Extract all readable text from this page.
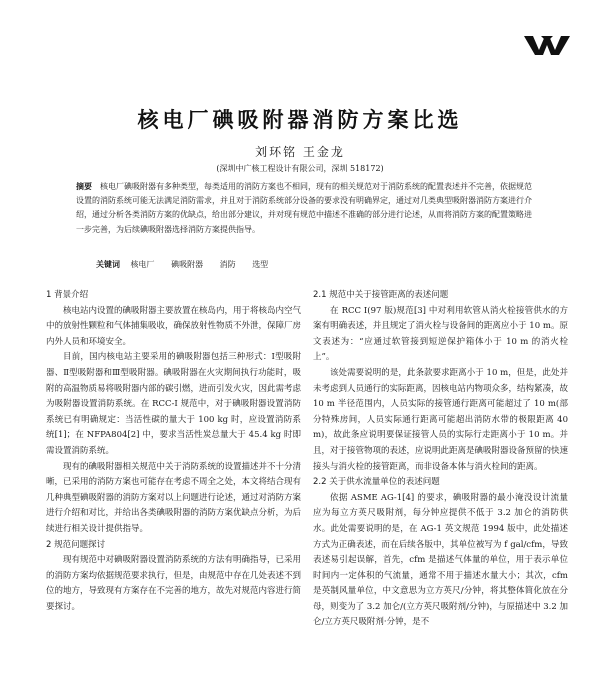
核电厂碘吸附器消防方案比选
刘环铭 王金龙
(深圳中广核工程设计有限公司，深圳 518172)
摘要 核电厂碘吸附器有多种类型，每类适用的消防方案也不相同，现有的相关规范对于消防系统的配置表述并不完善，依据规范设置的消防系统可能无法满足消防需求，并且对于消防系统部分设备的要求没有明确界定，通过对几类典型吸附器消防方案进行介绍，通过分析各类消防方案的优缺点，给出部分建议，并对现有规范中描述不准确的部分进行论述，从而将消防方案的配置策略进一步完善，为后续碘吸附器选择消防方案提供指导。
关键词 核电厂 碘吸附器 消防 选型

1 背景介绍

核电站内设置的碘吸附器主要放置在核岛内，用于将核岛内空气中的放射性颗粒和气体捕集吸收，确保放射性物质不外泄，保障厂房内外人员和环境安全。

目前，国内核电站主要采用的碘吸附器包括三种形式：Ⅰ型吸附器、Ⅱ型吸附器和Ⅲ型吸附器。碘吸附器在火灾期间执行功能时，吸附的高温物质易将吸附器内部的碳引燃，进而引发火灾，因此需考虑为吸附器设置消防系统。在 RCC-I 规范中，对于碘吸附器设置消防系统已有明确规定：当活性碳的量大于 100 kg 时，应设置消防系统[1]；在 NFPA804[2] 中，要求当活性炭总量大于 45.4 kg 时即需设置消防系统。

现有的碘吸附器相关规范中关于消防系统的设置描述并不十分清晰，已采用的消防方案也可能存在考虑不周全之处，本文将结合现有几种典型碘吸附器的消防方案对以上问题进行论述，通过对消防方案进行介绍和对比，并给出各类碘吸附器的消防方案优缺点分析，为后续进行相关设计提供指导。

2 规范问题探讨

现有规范中对碘吸附器设置消防系统的方法有明确指导，已采用的消防方案均依据规范要求执行，但是，由规范中存在几处表述不到位的地方，导致现有方案存在不完善的地方，故先对规范内容进行简要探讨。

2.1 规范中关于接管距离的表述问题

在 RCC I(97 版)规范[3] 中对利用软管从消火栓接管供水的方案有明确表述，并且规定了消火栓与设备间的距离应小于 10 m。原文表述为：“应通过软管接到短逆保护箱体小于 10 m 的消火栓上”。

该处需要说明的是，此条款要求距离小于 10 m，但是，此处并未考虑到人员通行的实际距离，因核电站内物项众多，结构紧凑，故 10 m 半径范围内，人员实际的接管通行距离可能超过了 10 m(部分特殊房间，人员实际通行距离可能超出消防水带的极限距离 40 m)，故此条应说明要保证接管人员的实际行走距离小于 10 m。并且，对于接管物项的表述，应说明此距离是碘吸附器设备预留的快速接头与消火栓的接管距离，而非设备本体与消火栓间的距离。

2.2 关于供水流量单位的表述问题

依据 ASME AG-1[4] 的要求，碘吸附器的最小淹没设计流量应为每立方英尺吸附剂，每分钟应提供不低于 3.2 加仑的消防供水。此处需要说明的是，在 AG-1 英文规范 1994 版中，此处描述方式为正确表述，而在后续各版中，其单位被写为 f gal/cfm，导致表述易引起误解，首先，cfm 是描述气体量的单位，用于表示单位时间内一定体积的气流量，通常不用于描述水量大小；其次，cfm 是英制风量单位，中文意思为立方英尺/分钟，将其整体简化放在分母，则变为了 3.2 加仑/(立方英尺吸附剂/分钟)，与原描述中 3.2 加仑/立方英尺吸附剂·分钟，是不
